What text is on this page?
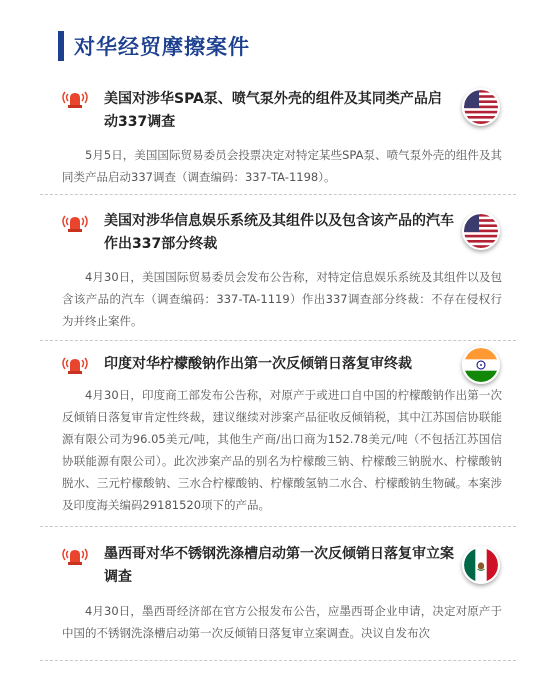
对华经贸摩擦案件
美国对涉华SPA泵、喷气泵外壳的组件及其同类产品启动337调查
5月5日，美国国际贸易委员会投票决定对特定某些SPA泵、喷气泵外壳的组件及其同类产品启动337调查（调查编码：337-TA-1198）。
美国对涉华信息娱乐系统及其组件以及包含该产品的汽车作出337部分终裁
4月30日，美国国际贸易委员会发布公告称，对特定信息娱乐系统及其组件以及包含该产品的汽车（调查编码：337-TA-1119）作出337调查部分终裁：不存在侵权行为并终止案件。
印度对华柠檬酸钠作出第一次反倾销日落复审终裁
4月30日，印度商工部发布公告称，对原产于或进口自中国的柠檬酸钠作出第一次反倾销日落复审肯定性终裁，建议继续对涉案产品征收反倾销税，其中江苏国信协联能源有限公司为96.05美元/吨，其他生产商/出口商为152.78美元/吨（不包括江苏国信协联能源有限公司）。此次涉案产品的别名为柠檬酸三钠、柠檬酸三钠脱水、柠檬酸钠脱水、三元柠檬酸钠、三水合柠檬酸钠、柠檬酸氢钠二水合、柠檬酸钠生物碱。本案涉及印度海关编码29181520项下的产品。
墨西哥对华不锈钢洗涤槽启动第一次反倾销日落复审立案调查
4月30日，墨西哥经济部在官方公报发布公告，应墨西哥企业申请，决定对原产于中国的不锈钢洗涤槽启动第一次反倾销日落复审立案调查。决议自发布次
